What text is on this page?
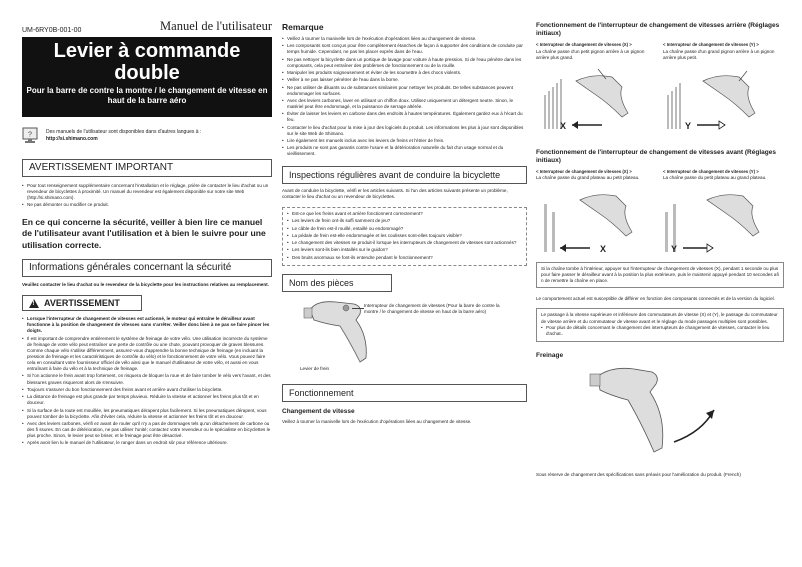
UM-6RY0B-001-00	Manuel de l'utilisateur
Levier à commande
double
Pour la barre de contre la montre / le changement de vitesse en haut de la barre aéro
?	Des manuels de l'utilisateur sont disponibles dans d'autres langues à :
http://si.shimano.com
AVERTISSEMENT IMPORTANT
• Pour tout renseignement supplémentaire concernant l'installation et le réglage, prière de contacter le lieu d'achat ou un revendeur de bicyclettes à proximité. Un manuel du revendeur est également disponible sur notre site Web (http://si.shimano.com).
• Ne pas démonter ou modifier ce produit.
En ce qui concerne la sécurité, veiller à bien lire ce manuel de l'utilisateur avant l'utilisation et à bien le suivre pour une utilisation correcte.
Informations générales concernant la sécurité
Veuillez contacter le lieu d'achat ou le revendeur de la bicyclette pour les instructions relatives au remplacement.
! AVERTISSEMENT
• Lorsque l'interrupteur de changement de vitesses est actionné, le moteur qui entraîne le dérailleur avant fonctionne à la position de changement de vitesses sans s'arrêter. Veiller donc bien à ne pas se faire pincer les doigts.
• Il est important de comprendre entièrement le système de freinage de votre vélo. Une utilisation incorrecte du système de freinage de votre vélo peut entraîner une perte de contrôle ou une chute, pouvant provoquer de graves blessures. Comme chaque vélo s'utilise différemment, assurez-vous d'apprendre la bonne technique de freinage (en incluant la pression de freinage et les caractéristiques de contrôle du vélo) et le fonctionnement de votre vélo. Vous pouvez faire cela en consultant votre fournisseur officiel de vélo ainsi que le manuel d'utilisateur de votre vélo, et aussi en vous entraînant à faire du vélo et à la technique de freinage.
• Si l'on actionne le frein avant trop fortement, on risquera de bloquer la roue et de faire tomber le vélo vers l'avant, et des blessures graves risqueront alors de s'ensuivre.
• Toujours s'assurer du bon fonctionnement des freins avant et arrière avant d'utiliser la bicyclette.
• La distance de freinage est plus grande par temps pluvieux. Réduire la vitesse et actionner les freins plus tôt et en douceur.
• Si la surface de la route est mouillée, les pneumatiques dérapent plus facilement. Si les pneumatiques dérapent, vous pouvez tomber de la bicyclette. Afin d'éviter cela, réduire la vitesse et actionner les freins tôt et en douceur.
• Avec des leviers carbones, vérifi ez avant de rouler qu'il n'y a pas de dommages tels qu'un détachement de carbone ou des fi ssures. En cas de détérioration, ne pas utiliser l'unité; contactez votre revendeur ou le spécialiste en bicyclettes le plus proche. Sinon, le levier peut se briser, et le freinage peut être désactivé.
• Après avoir lien lu le manuel de l'utilisateur, le ranger dans un endroit sûr pour référence ultérieure.
Remarque
• Veillez à tourner la manivelle lors de l'exécution d'opérations liées au changement de vitesse.
• Les composants sont conçus pour être complètement étanches de façon à supporter des conditions de conduite par temps humide. Cependant, ne pas les placer exprès dans de l'eau.
• Ne pas nettoyer la bicyclette dans un portique de lavage pour voiture à haute pression. Si de l'eau pénètre dans les composants, cela peut entraîner des problèmes de fonctionnement ou de la rouille.
• Manipuler les produits soigneusement et éviter de les soumettre à des chocs violents.
• Veiller à ne pas laisser pénétrer de l'eau dans la borne.
• Ne pas utiliser de diluants ou de substances similaires pour nettoyer les produits. De telles substances peuvent endommager les surfaces.
• Avec des leviers carbones, laver en utilisant un chiffon doux. Utilisez uniquement un détergent neutre. Sinon, le matériel peut être endommagé, et la puissance de serrage altérée.
• Éviter de laisser les leviers en carbone dans des endroits à hautes températures. Également gardez eux à l'écart du feu.
• Contacter le lieu d'achat pour la mise à jour des logiciels du produit. Les informations les plus à jour sont disponibles sur le site Web de Shimano.
• Lire également les manuels inclus avec les leviers de freins et l'étrier de frein.
• Les produits ne sont pas garantis contre l'usure et la détérioration naturelle du fait d'un usage normal et du vieillissement.
Inspections régulières avant de conduire la bicyclette
Avant de conduire la bicyclette, vérifi er les articles suivants. Si l'un des articles suivants présente un problème, contacter le lieu d'achat ou un revendeur de bicyclettes.
• Est-ce que les freins avant et arrière fonctionnent correctement?
• Les leviers de frein ont-ils suffi samment de jeu?
• Le câble de frein est-il rouillé, entaillé ou endommagé?
• La pédale de frein est-elle endommagée et les coulisses sont-elles toujours visible?
• Le changement des vitesses se produit-il lorsque les interrupteurs de changement de vitesses sont actionnés?
• Les leviers sont-ils bien installés sur le guidon?
• Des bruits anormaux se font-ils entendre pendant le fonctionnement?
Nom des pièces
Interrupteur de changement de vitesses (Pour la barre de contre la montre / le changement de vitesse en haut de la barre aéro)
Levier de frein
Fonctionnement
Changement de vitesse
Veillez à tourner la manivelle lors de l'exécution d'opérations liées au changement de vitesse.
Fonctionnement de l'interrupteur de changement de vitesses arrière (Réglages initiaux)
< Interrupteur de changement de vitesses (X) >
La chaîne passe d'un petit pignon arrière à un pignon arrière plus grand.
< Interrupteur de changement de vitesses (Y) >
La chaîne passe d'un grand pignon arrière à un pignon arrière plus petit.
X	Y
Fonctionnement de l'interrupteur de changement de vitesses avant (Réglages initiaux)
< Interrupteur de changement de vitesses (X) >
La chaîne passe du grand plateau au petit plateau.
< Interrupteur de changement de vitesses (Y) >
La chaîne passe du petit plateau au grand plateau.
X	Y
Si la chaîne tombe à l'intérieur, appuyer sur l'interrupteur de changement de vitesses (X), pendant 1 seconde ou plus pour faire passer le dérailleur avant à la position la plus extérieure, puis le maintenir appuyé pendant 10 secondes afi n de remettre la chaîne en place.
Le comportement actuel est susceptible de différer en fonction des composants connectés et de la version du logiciel.
Le passage à la vitesse supérieure et inférieure des commutateurs de vitesse (X) et (Y), le passage du commutateur de vitesse arrière et du commutateur de vitesse avant et le réglage du mode passages multiples sont possibles.
• Pour plus de détails concernant le changement des interrupteurs de changement de vitesses, contacter le lieu d'achat..
Freinage
Sous réserve de changement des spécifications sans préavis pour l'amélioration du produit. (French)
